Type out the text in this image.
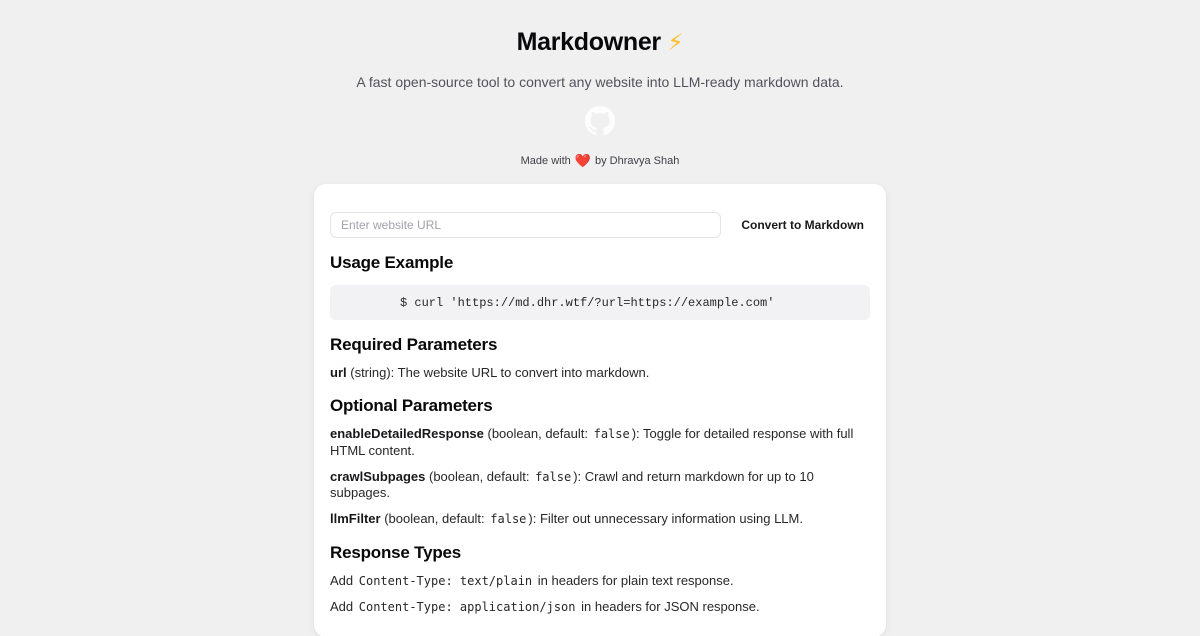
Markdowner ⚡

A fast open-source tool to convert any website into LLM-ready markdown data.

Made with ❤️ by Dhravya Shah
Enter website URL
Convert to Markdown
Usage Example
$ curl 'https://md.dhr.wtf/?url=https://example.com'
Required Parameters

url (string): The website URL to convert into markdown.

Optional Parameters

enableDetailedResponse (boolean, default: false ): Toggle for detailed response with full HTML content.

crawlSubpages (boolean, default: false ): Crawl and return markdown for up to 10 subpages.

llmFilter (boolean, default: false ): Filter out unnecessary information using LLM.

Response Types

Add Content-Type: text/plain in headers for plain text response.

Add Content-Type: application/json in headers for JSON response.
